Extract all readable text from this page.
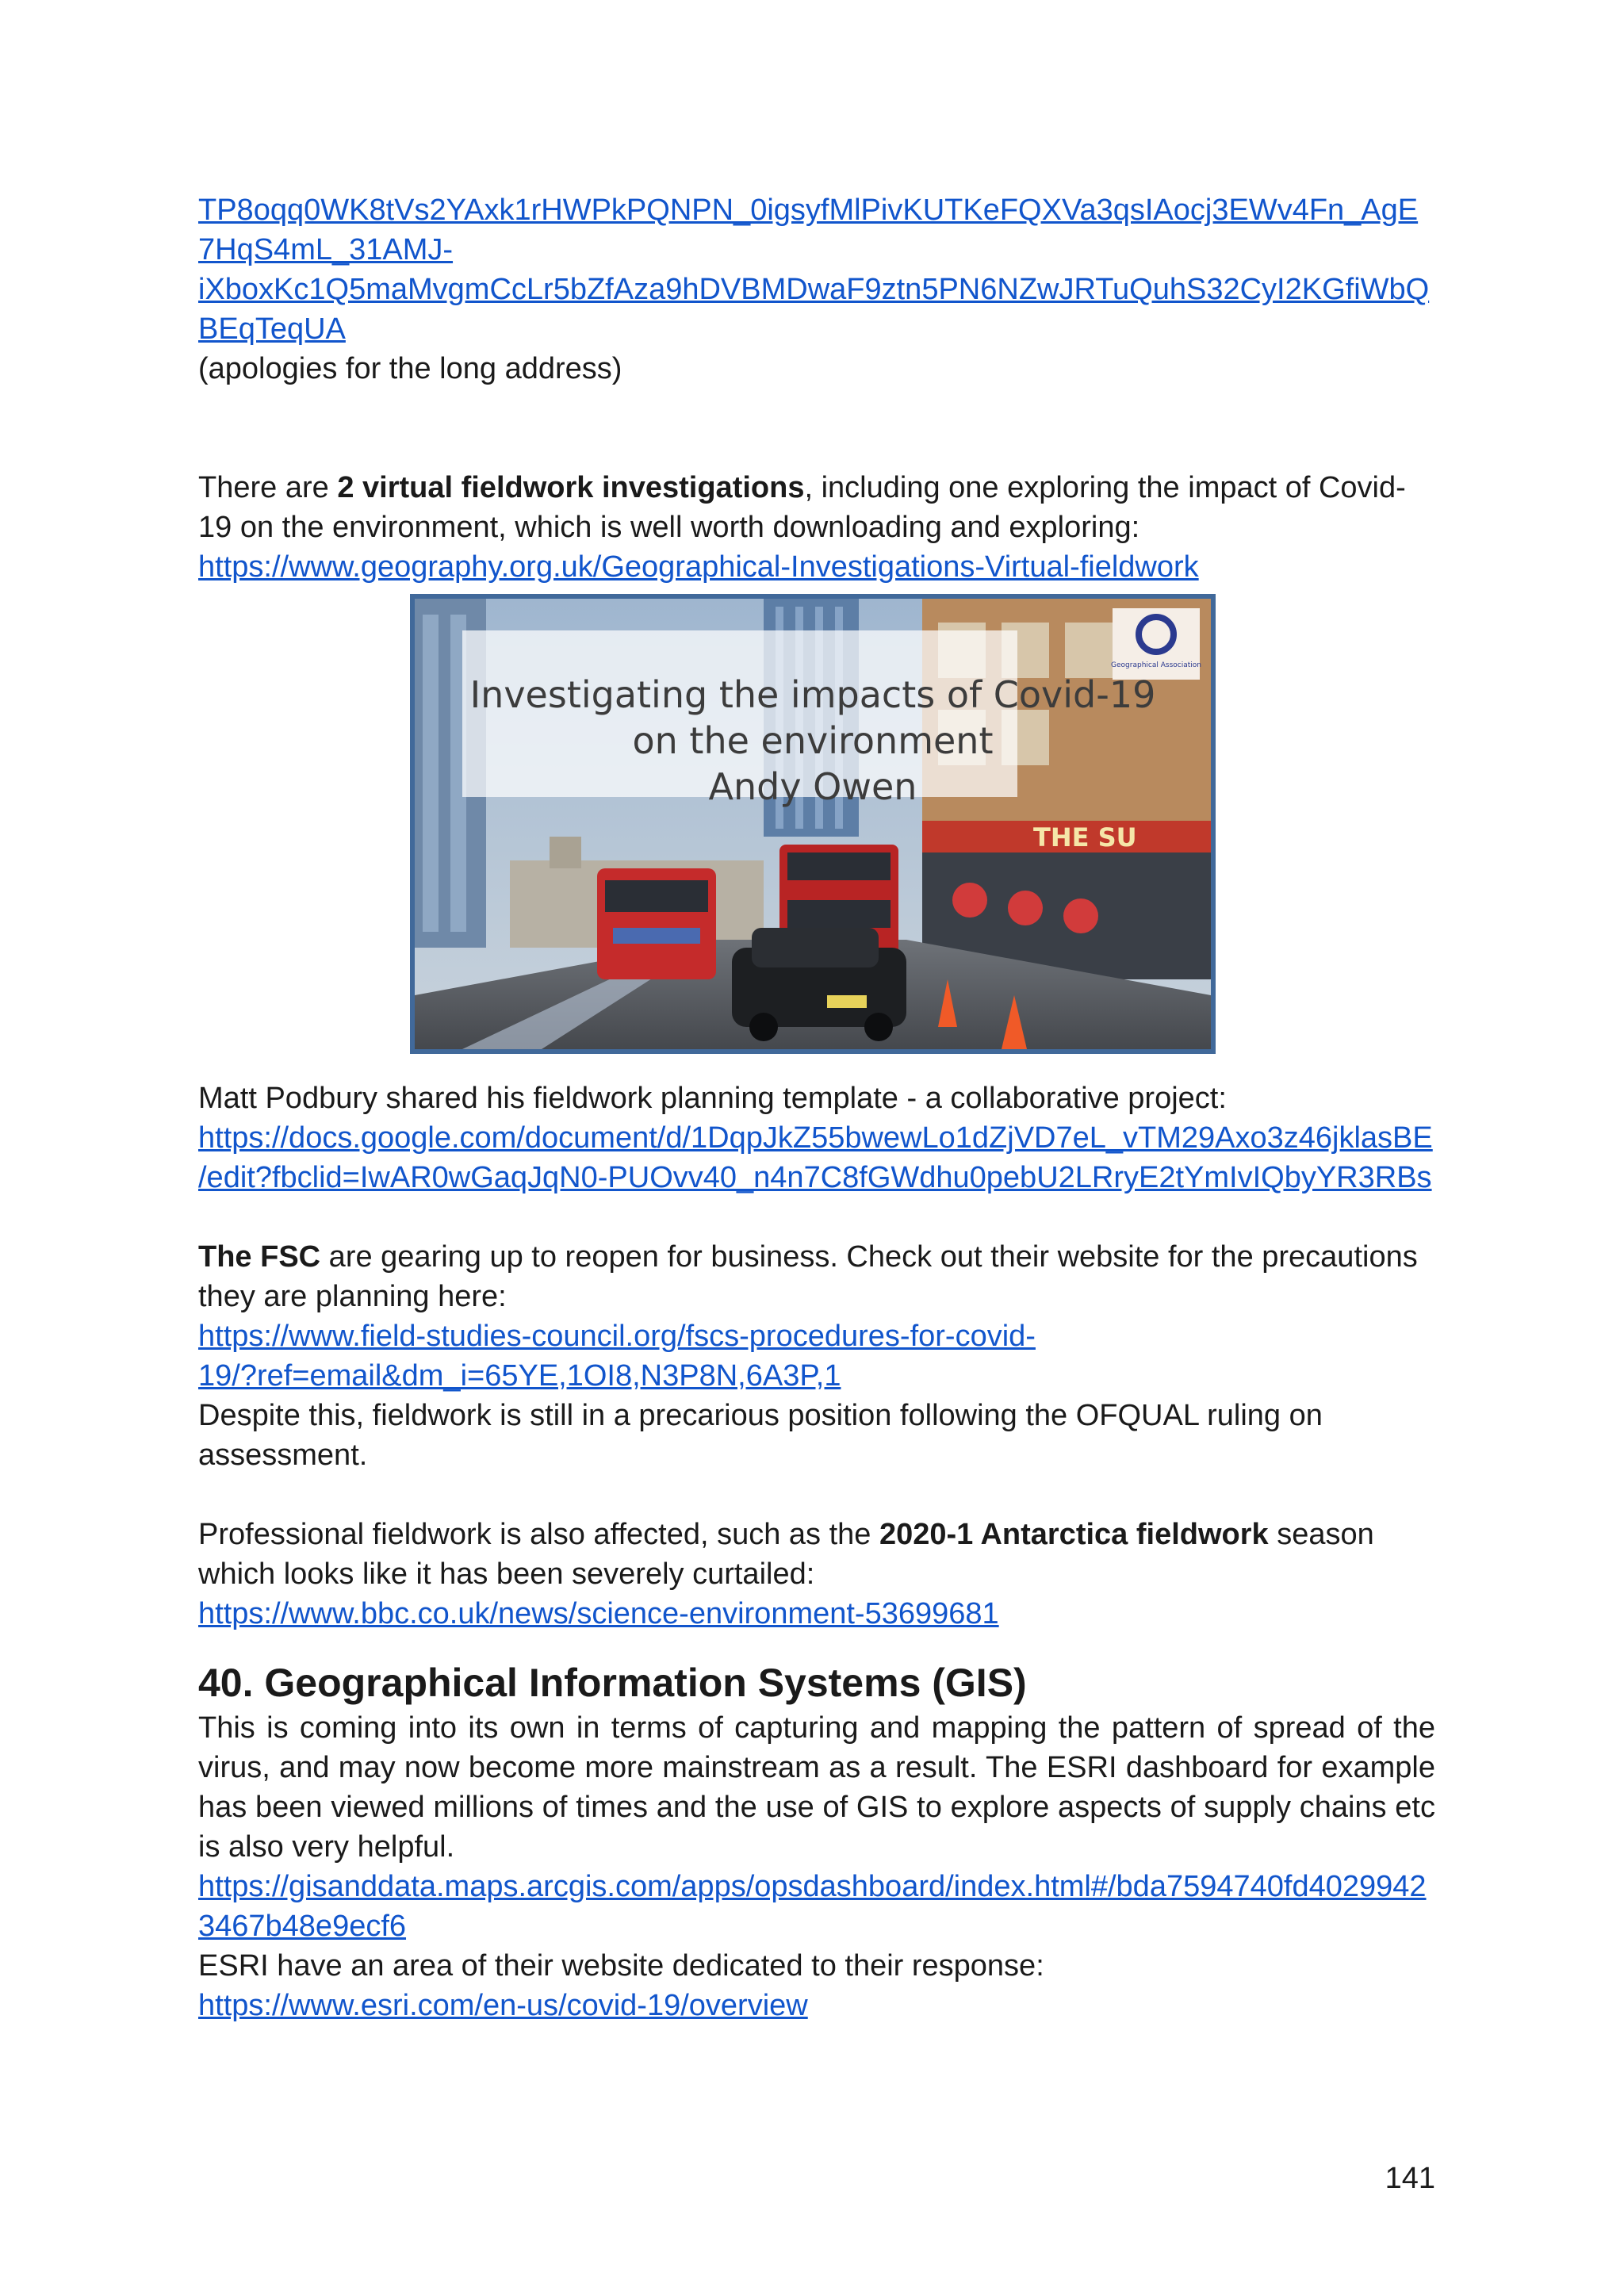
TP8oqq0WK8tVs2YAxk1rHWPkPQNPN_0igsyfMlPivKUTKeFQXVa3qsIAocj3EWv4Fn_AgE
7HqS4mL_31AMJ-
iXboxKc1Q5maMvgmCcLr5bZfAza9hDVBMDwaF9ztn5PN6NZwJRTuQuhS32CyI2KGfiWbQ
BEqTeqUA

(apologies for the long address)

There are 2 virtual fieldwork investigations, including one exploring the impact of Covid-19 on the environment, which is well worth downloading and exploring:

https://www.geography.org.uk/Geographical-Investigations-Virtual-fieldwork

Matt Podbury shared his fieldwork planning template - a collaborative project:

https://docs.google.com/document/d/1DqpJkZ55bwewLo1dZjVD7eL_vTM29Axo3z46jklasBE
/edit?fbclid=IwAR0wGaqJqN0-PUOvv40_n4n7C8fGWdhu0pebU2LRryE2tYmIvIQbyYR3RBs

The FSC are gearing up to reopen for business. Check out their website for the precautions they are planning here:

https://www.field-studies-council.org/fscs-procedures-for-covid-
19/?ref=email&dm_i=65YE,1OI8,N3P8N,6A3P,1

Despite this, fieldwork is still in a precarious position following the OFQUAL ruling on assessment.

Professional fieldwork is also affected, such as the 2020-1 Antarctica fieldwork season which looks like it has been severely curtailed:

https://www.bbc.co.uk/news/science-environment-53699681
40. Geographical Information Systems (GIS)

This is coming into its own in terms of capturing and mapping the pattern of spread of the virus, and may now become more mainstream as a result. The ESRI dashboard for example has been viewed millions of times and the use of GIS to explore aspects of supply chains etc is also very helpful.

https://gisanddata.maps.arcgis.com/apps/opsdashboard/index.html#/bda7594740fd4029942
3467b48e9ecf6

ESRI have an area of their website dedicated to their response:

https://www.esri.com/en-us/covid-19/overview
THE SU
Geographical Association
Investigating the impacts of Covid-19
on the environment
Andy Owen
141
